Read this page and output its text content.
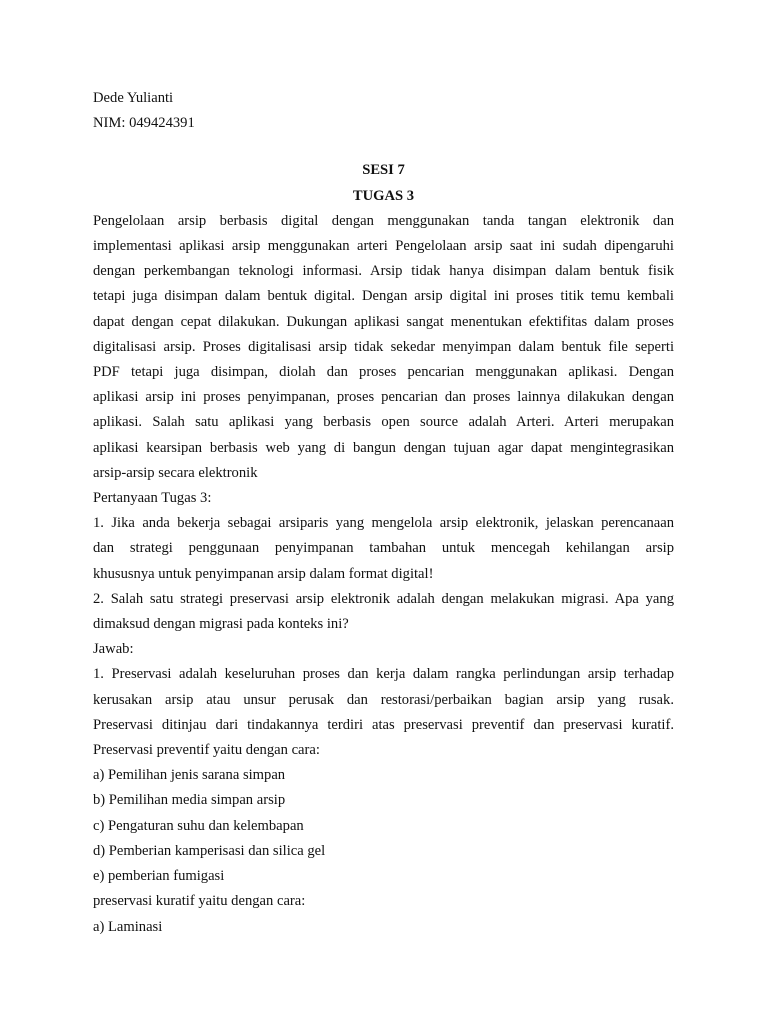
Dede Yulianti
NIM: 049424391
SESI 7
TUGAS 3
Pengelolaan arsip berbasis digital dengan menggunakan tanda tangan elektronik dan
implementasi aplikasi arsip menggunakan arteri Pengelolaan arsip saat ini sudah dipengaruhi
dengan perkembangan teknologi informasi. Arsip tidak hanya disimpan dalam bentuk fisik
tetapi juga disimpan dalam bentuk digital. Dengan arsip digital ini proses titik temu kembali
dapat dengan cepat dilakukan. Dukungan aplikasi sangat menentukan efektifitas dalam proses
digitalisasi arsip. Proses digitalisasi arsip tidak sekedar menyimpan dalam bentuk file seperti
PDF tetapi juga disimpan, diolah dan proses pencarian menggunakan aplikasi. Dengan
aplikasi arsip ini proses penyimpanan, proses pencarian dan proses lainnya dilakukan dengan
aplikasi. Salah satu aplikasi yang berbasis open source adalah Arteri. Arteri merupakan
aplikasi kearsipan berbasis web yang di bangun dengan tujuan agar dapat mengintegrasikan
arsip-arsip secara elektronik
Pertanyaan Tugas 3:
1. Jika anda bekerja sebagai arsiparis yang mengelola arsip elektronik, jelaskan perencanaan
dan strategi penggunaan penyimpanan tambahan untuk mencegah kehilangan arsip
khususnya untuk penyimpanan arsip dalam format digital!
2. Salah satu strategi preservasi arsip elektronik adalah dengan melakukan migrasi. Apa yang
dimaksud dengan migrasi pada konteks ini?
Jawab:
1. Preservasi adalah keseluruhan proses dan kerja dalam rangka perlindungan arsip terhadap
kerusakan arsip atau unsur perusak dan restorasi/perbaikan bagian arsip yang rusak.
Preservasi ditinjau dari tindakannya terdiri atas preservasi preventif dan preservasi kuratif.
Preservasi preventif yaitu dengan cara:
a) Pemilihan jenis sarana simpan
b) Pemilihan media simpan arsip
c) Pengaturan suhu dan kelembapan
d) Pemberian kamperisasi dan silica gel
e) pemberian fumigasi
preservasi kuratif yaitu dengan cara:
a) Laminasi
